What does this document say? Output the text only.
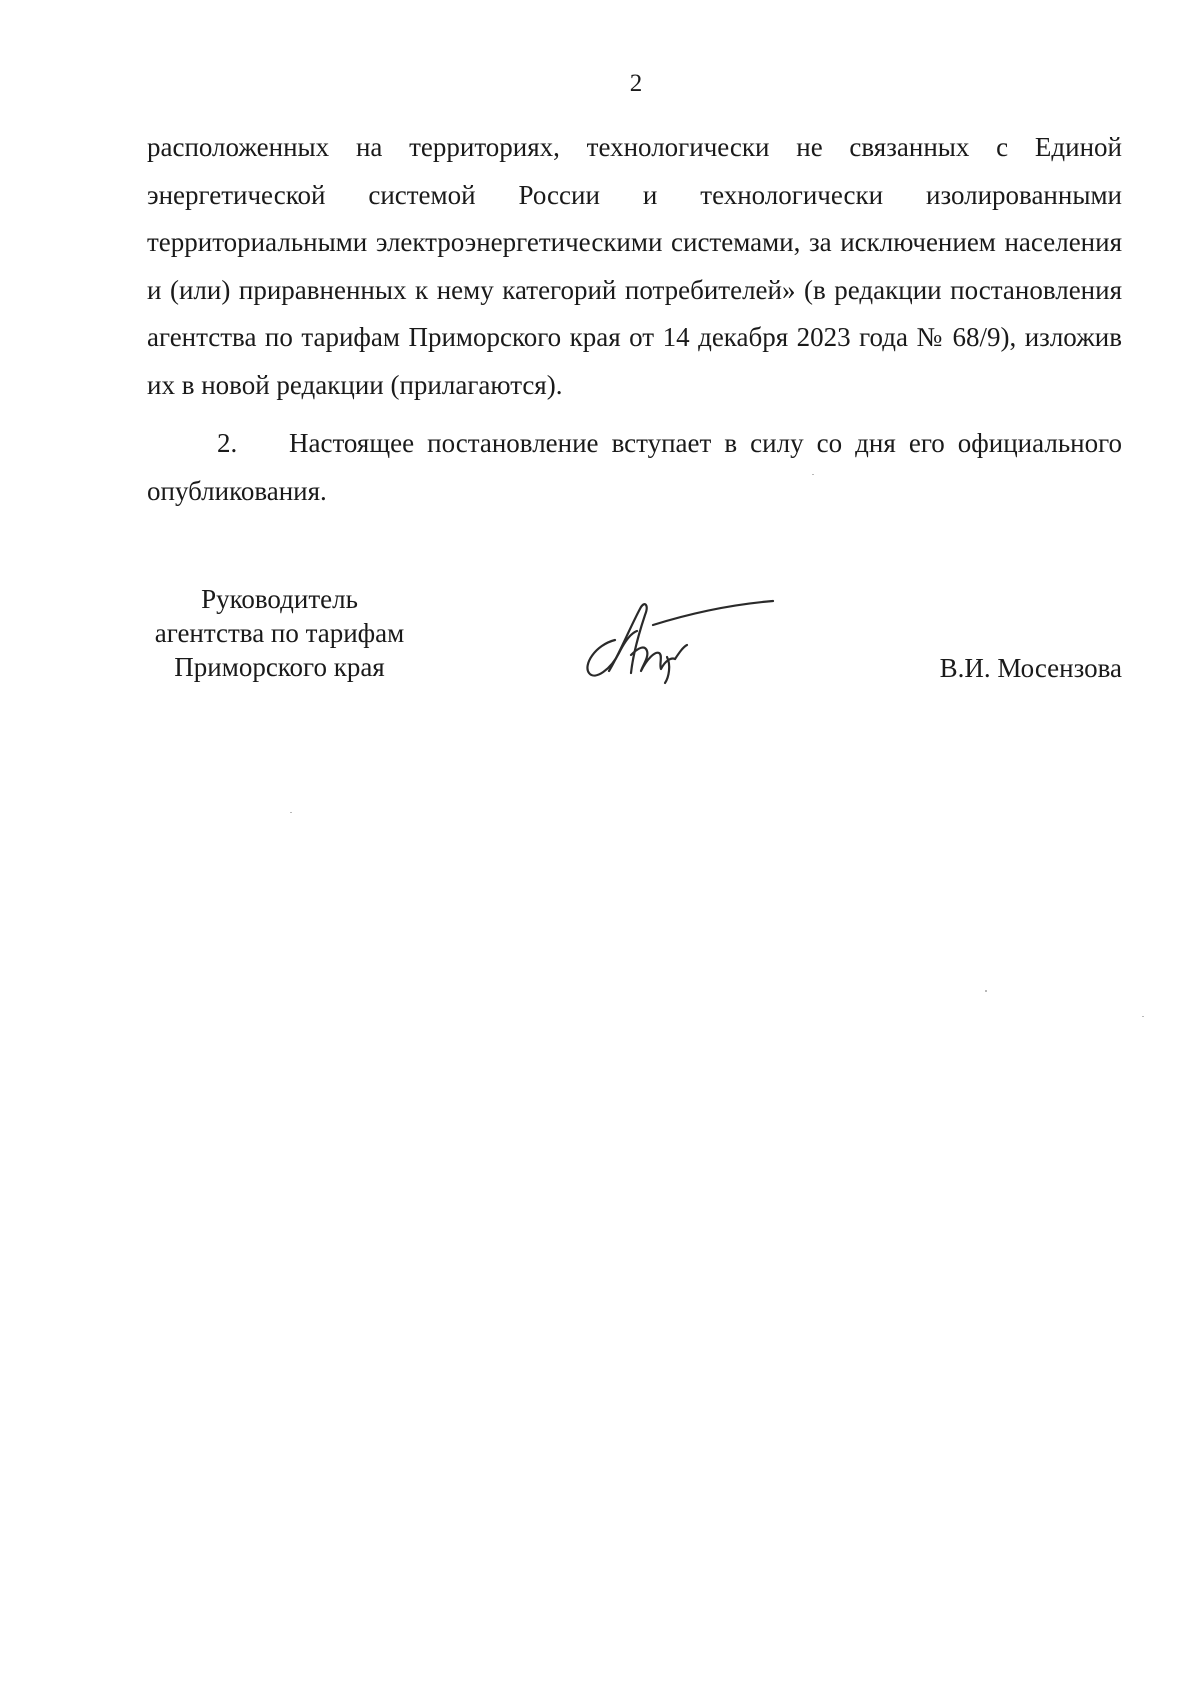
2

расположенных на территориях, технологически не связанных с Единой энергетической системой России и технологически изолированными территориальными электроэнергетическими системами, за исключением населения и (или) приравненных к нему категорий потребителей» (в редакции постановления агентства по тарифам Приморского края от 14 декабря 2023 года № 68/9), изложив их в новой редакции (прилагаются).

2. Настоящее постановление вступает в силу со дня его официального опубликования.

Руководитель
агентства по тарифам
Приморского края	В.И. Мосензова
